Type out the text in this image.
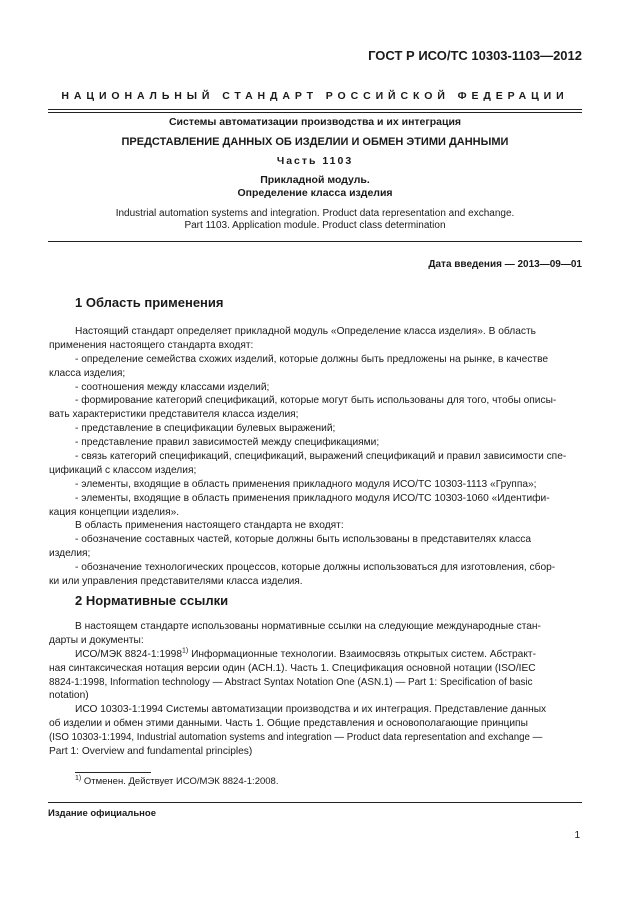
ГОСТ Р ИСО/ТС 10303-1103—2012
НАЦИОНАЛЬНЫЙ СТАНДАРТ РОССИЙСКОЙ ФЕДЕРАЦИИ
Системы автоматизации производства и их интеграция
ПРЕДСТАВЛЕНИЕ ДАННЫХ ОБ ИЗДЕЛИИ И ОБМЕН ЭТИМИ ДАННЫМИ
Часть 1103
Прикладной модуль.
Определение класса изделия
Industrial automation systems and integration. Product data representation and exchange.
Part 1103. Application module. Product class determination
Дата введения — 2013—09—01
1 Область применения
Настоящий стандарт определяет прикладной модуль «Определение класса изделия». В область
применения настоящего стандарта входят:
- определение семейства схожих изделий, которые должны быть предложены на рынке, в качестве
класса изделия;
- соотношения между классами изделий;
- формирование категорий спецификаций, которые могут быть использованы для того, чтобы описы-
вать характеристики представителя класса изделия;
- представление в спецификации булевых выражений;
- представление правил зависимостей между спецификациями;
- связь категорий спецификаций, спецификаций, выражений спецификаций и правил зависимости спе-
цификаций с классом изделия;
- элементы, входящие в область применения прикладного модуля ИСО/ТС 10303-1113 «Группа»;
- элементы, входящие в область применения прикладного модуля ИСО/ТС 10303-1060 «Идентифи-
кация концепции изделия».
В область применения настоящего стандарта не входят:
- обозначение составных частей, которые должны быть использованы в представителях класса
изделия;
- обозначение технологических процессов, которые должны использоваться для изготовления, сбор-
ки или управления представителями класса изделия.
2 Нормативные ссылки
В настоящем стандарте использованы нормативные ссылки на следующие международные стан-
дарты и документы:
ИСО/МЭК 8824-1:1998$^{1)}$ Информационные технологии. Взаимосвязь открытых систем. Абстракт-
ная синтаксическая нотация версии один (АСН.1). Часть 1. Спецификация основной нотации (ISO/IEC
8824-1:1998, Information technology — Abstract Syntax Notation One (ASN.1) — Part 1: Specification of basic
notation)
ИСО 10303-1:1994 Системы автоматизации производства и их интеграция. Представление данных
об изделии и обмен этими данными. Часть 1. Общие представления и основополагающие принципы
(ISO 10303-1:1994, Industrial automation systems and integration — Product data representation and exchange —
Part 1: Overview and fundamental principles)
$^{1)}$ Отменен. Действует ИСО/МЭК 8824-1:2008.
Издание официальное
1
